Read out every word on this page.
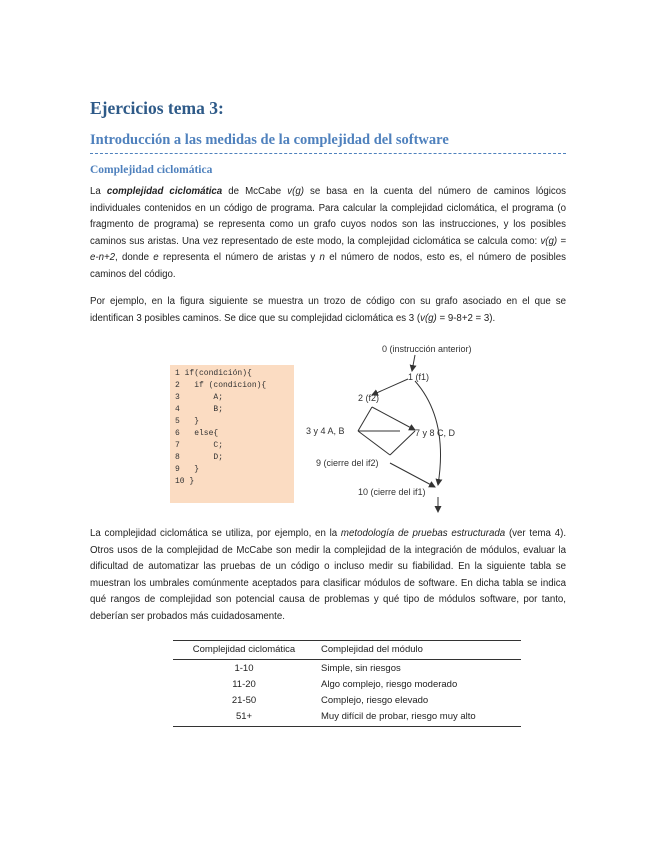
Ejercicios tema 3:
Introducción a las medidas de la complejidad del software
Complejidad ciclomática

La complejidad ciclomática de McCabe v(g) se basa en la cuenta del número de caminos lógicos individuales contenidos en un código de programa. Para calcular la complejidad ciclomática, el programa (o fragmento de programa) se representa como un grafo cuyos nodos son las instrucciones, y los posibles caminos sus aristas. Una vez representado de este modo, la complejidad ciclomática se calcula como: v(g) = e-n+2, donde e representa el número de aristas y n el número de nodos, esto es, el número de posibles caminos del código.

Por ejemplo, en la figura siguiente se muestra un trozo de código con su grafo asociado en el que se identifican 3 posibles caminos. Se dice que su complejidad ciclomática es 3 (v(g) = 9-8+2 = 3).

1 if(condición){
2   if (condicion){
3       A;
4       B;
5   }
6   else{
7       C;
8       D;
9   }
10 }
0 (instrucción anterior)
1 (f1)
2 (f2)
3 y 4 A, B	7 y 8 C, D
9 (cierre del if2)
10 (cierre del if1)

La complejidad ciclomática se utiliza, por ejemplo, en la metodología de pruebas estructurada (ver tema 4). Otros usos de la complejidad de McCabe son medir la complejidad de la integración de módulos, evaluar la dificultad de automatizar las pruebas de un código o incluso medir su fiabilidad. En la siguiente tabla se muestran los umbrales comúnmente aceptados para clasificar módulos de software. En dicha tabla se indica qué rangos de complejidad son potencial causa de problemas y qué tipo de módulos software, por tanto, deberían ser probados más cuidadosamente.

Complejidad ciclomática	Complejidad del módulo
1-10	Simple, sin riesgos
11-20	Algo complejo, riesgo moderado
21-50	Complejo, riesgo elevado
51+	Muy difícil de probar, riesgo muy alto
